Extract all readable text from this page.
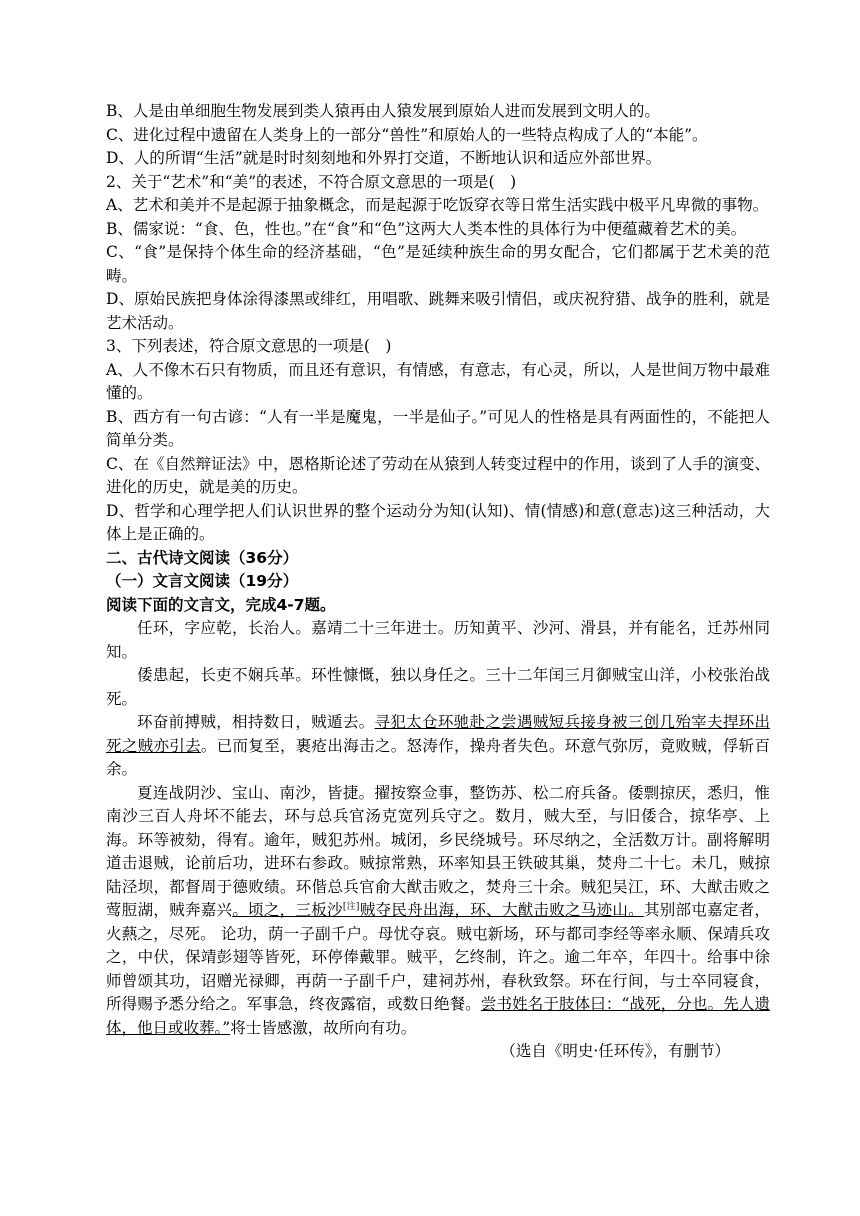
B、人是由单细胞生物发展到类人猿再由人猿发展到原始人进而发展到文明人的。

C、进化过程中遗留在人类身上的一部分“兽性”和原始人的一些特点构成了人的“本能”。

D、人的所谓“生活”就是时时刻刻地和外界打交道，不断地认识和适应外部世界。

2、关于“艺术”和“美”的表述，不符合原文意思的一项是(　)

A、艺术和美并不是起源于抽象概念，而是起源于吃饭穿衣等日常生活实践中极平凡卑微的事物。

B、儒家说：“食、色，性也。”在“食”和“色”这两大人类本性的具体行为中便蕴藏着艺术的美。

C、“食”是保持个体生命的经济基础，“色”是延续种族生命的男女配合，它们都属于艺术美的范畴。

D、原始民族把身体涂得漆黑或绯红，用唱歌、跳舞来吸引情侣，或庆祝狩猎、战争的胜利，就是艺术活动。

3、下列表述，符合原文意思的一项是(　)

A、人不像木石只有物质，而且还有意识，有情感，有意志，有心灵，所以，人是世间万物中最难懂的。

B、西方有一句古谚：“人有一半是魔鬼，一半是仙子。”可见人的性格是具有两面性的，不能把人简单分类。

C、在《自然辩证法》中，恩格斯论述了劳动在从猿到人转变过程中的作用，谈到了人手的演变、进化的历史，就是美的历史。

D、哲学和心理学把人们认识世界的整个运动分为知(认知)、情(情感)和意(意志)这三种活动，大体上是正确的。

二、古代诗文阅读（36分）

（一）文言文阅读（19分）

阅读下面的文言文，完成4-7题。

任环，字应乾，长治人。嘉靖二十三年进士。历知黄平、沙河、滑县，并有能名，迁苏州同知。

倭患起，长吏不娴兵革。环性慷慨，独以身任之。三十二年闰三月御贼宝山洋，小校张治战死。

环奋前搏贼，相持数日，贼遁去。寻犯太仓环驰赴之尝遇贼短兵接身被三创几殆宰夫捍环出死之贼亦引去。已而复至，裹疮出海击之。怒涛作，操舟者失色。环意气弥厉，竟败贼，俘斩百余。

夏连战阴沙、宝山、南沙，皆捷。擢按察佥事，整饬苏、松二府兵备。倭剽掠厌，悉归，惟南沙三百人舟坏不能去，环与总兵官汤克宽列兵守之。数月，贼大至，与旧倭合，掠华亭、上海。环等被劾，得宥。逾年，贼犯苏州。城闭，乡民绕城号。环尽纳之，全活数万计。副将解明道击退贼，论前后功，进环右参政。贼掠常熟，环率知县王铁破其巢，焚舟二十七。未几，贼掠陆泾坝，都督周于德败绩。环偕总兵官俞大猷击败之，焚舟三十余。贼犯吴江，环、大猷击败之莺脰湖，贼奔嘉兴。顷之，三板沙[注]贼夺民舟出海，环、大猷击败之马迹山。其别部屯嘉定者，火爇之，尽死。 论功，荫一子副千户。母忧夺哀。贼屯新场，环与都司李经等率永顺、保靖兵攻之，中伏，保靖彭翅等皆死，环停俸戴罪。贼平，乞终制，许之。逾二年卒，年四十。给事中徐师曾颂其功，诏赠光禄卿，再荫一子副千户，建祠苏州，春秋致祭。环在行间，与士卒同寝食，所得赐予悉分给之。军事急，终夜露宿，或数日绝餐。尝书姓名于肢体曰：“战死，分也。先人遗体，他日或收葬。”将士皆感激，故所向有功。

（选自《明史·任环传》，有删节）
